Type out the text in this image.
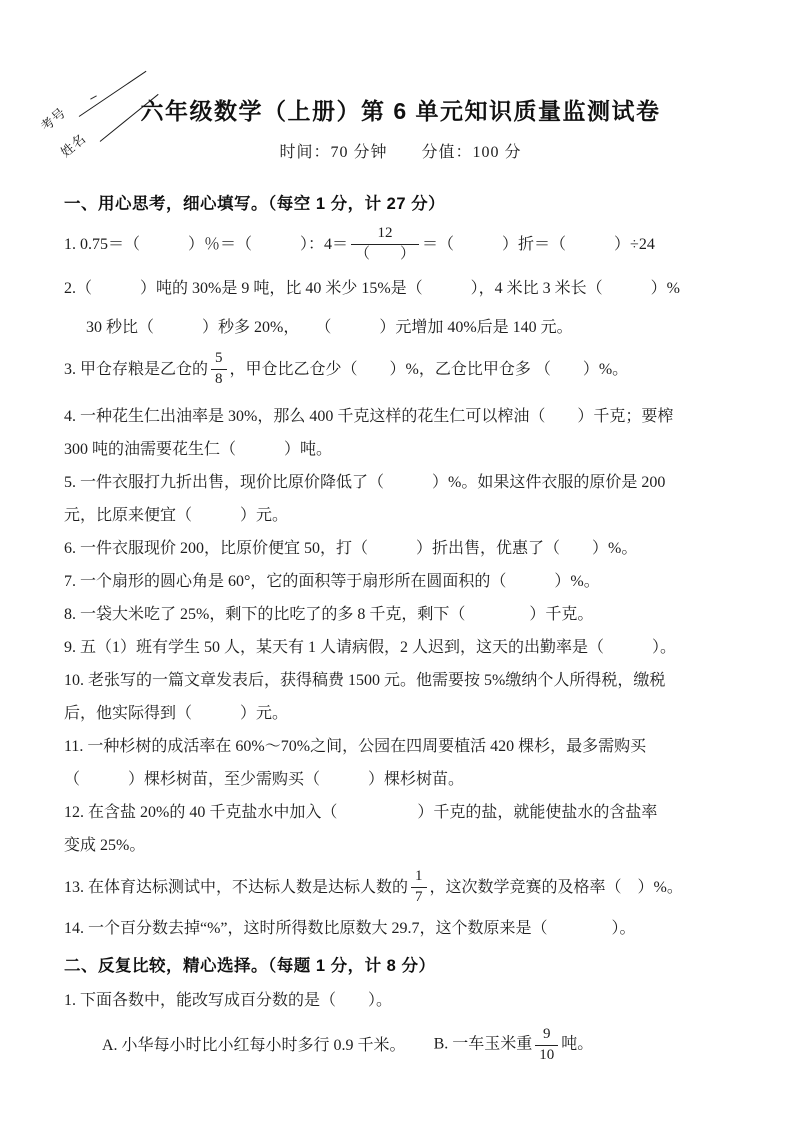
考号
姓名
六年级数学（上册）第 6 单元知识质量监测试卷
时间：70 分钟　　分值：100 分
一、用心思考，细心填写。（每空 1 分，计 27 分）
1. 0.75＝（　　　）％＝（　　　）：$4= \frac{12}{( )}$ ＝（　　　）折＝（　　　）÷24
2.（　　　）吨的 30%是 9 吨，比 40 米少 15%是（　　　），4 米比 3 米长（　　　）%
30 秒比（　　　）秒多 20%，　　（　　　）元增加 40%后是 140 元。
3. 甲仓存粮是乙仓的 $\frac{5}{8}$ ，甲仓比乙仓少（　　）%，乙仓比甲仓多 （　　）%。
4. 一种花生仁出油率是 30%，那么 400 千克这样的花生仁可以榨油（　　）千克；要榨
300 吨的油需要花生仁（　　　）吨。
5. 一件衣服打九折出售，现价比原价降低了（　　　）%。如果这件衣服的原价是 200
元，比原来便宜（　　　）元。
6. 一件衣服现价 200，比原价便宜 50，打（　　　）折出售，优惠了（　　）%。
7. 一个扇形的圆心角是 60°，它的面积等于扇形所在圆面积的（　　　）%。
8. 一袋大米吃了 25%，剩下的比吃了的多 8 千克，剩下（　　　　）千克。
9. 五（1）班有学生 50 人，某天有 1 人请病假，2 人迟到，这天的出勤率是（　　　）。
10. 老张写的一篇文章发表后，获得稿费 1500 元。他需要按 5%缴纳个人所得税，缴税
后，他实际得到（　　　）元。
11. 一种杉树的成活率在 60%～70%之间，公园在四周要植活 420 棵杉，最多需购买
（　　　）棵杉树苗，至少需购买（　　　）棵杉树苗。
12. 在含盐 20%的 40 千克盐水中加入（　　　　　）千克的盐，就能使盐水的含盐率
变成 25%。
13. 在体育达标测试中，不达标人数是达标人数的 $\frac{1}{7}$ ，这次数学竞赛的及格率（　）%。
14. 一个百分数去掉“%”，这时所得数比原数大 29.7，这个数原来是（　　　　）。
二、反复比较，精心选择。（每题 1 分，计 8 分）
1. 下面各数中，能改写成百分数的是（　　）。
A. 小华每小时比小红每小时多行 0.9 千米。 B. 一车玉米重 $\frac{9}{10}$ 吨。
